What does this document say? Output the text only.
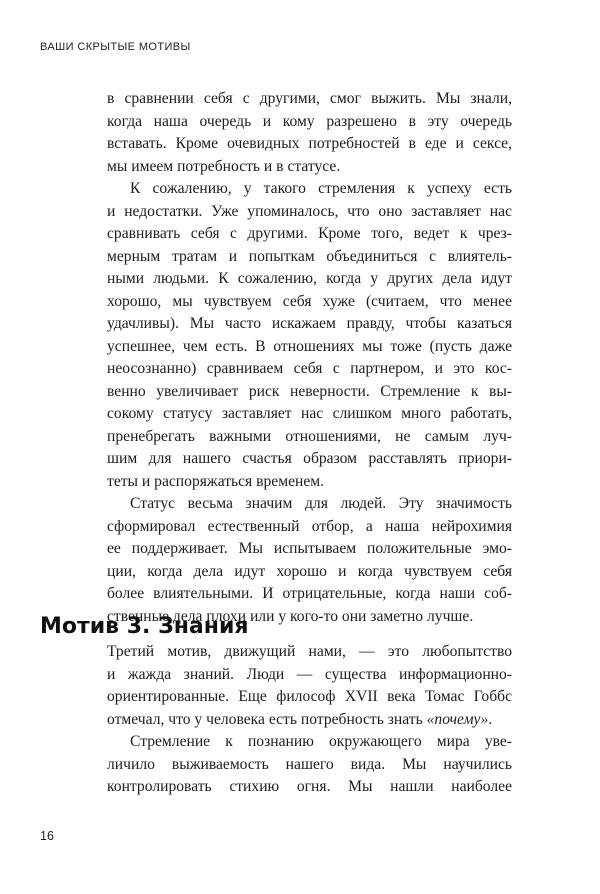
ВАШИ СКРЫТЫЕ МОТИВЫ
в сравнении себя с другими, смог выжить. Мы знали,
когда наша очередь и кому разрешено в эту очередь
вставать. Кроме очевидных потребностей в еде и сексе,
мы имеем потребность и в статусе.
К сожалению, у такого стремления к успеху есть
и недостатки. Уже упоминалось, что оно заставляет нас
сравнивать себя с другими. Кроме того, ведет к чрез-
мерным тратам и попыткам объединиться с влиятель-
ными людьми. К сожалению, когда у других дела идут
хорошо, мы чувствуем себя хуже (считаем, что менее
удачливы). Мы часто искажаем правду, чтобы казаться
успешнее, чем есть. В отношениях мы тоже (пусть даже
неосознанно) сравниваем себя с партнером, и это кос-
венно увеличивает риск неверности. Стремление к вы-
сокому статусу заставляет нас слишком много работать,
пренебрегать важными отношениями, не самым луч-
шим для нашего счастья образом расставлять приори-
теты и распоряжаться временем.
Статус весьма значим для людей. Эту значимость
сформировал естественный отбор, а наша нейрохимия
ее поддерживает. Мы испытываем положительные эмо-
ции, когда дела идут хорошо и когда чувствуем себя
более влиятельными. И отрицательные, когда наши соб-
ственные дела плохи или у кого-то они заметно лучше.
Мотив 3. Знания
Третий мотив, движущий нами, — это любопытство
и жажда знаний. Люди — существа информационно-
ориентированные. Еще философ XVII века Томас Гоббс
отмечал, что у человека есть потребность знать «почему».
Стремление к познанию окружающего мира уве-
личило выживаемость нашего вида. Мы научились
контролировать стихию огня. Мы нашли наиболее
16
